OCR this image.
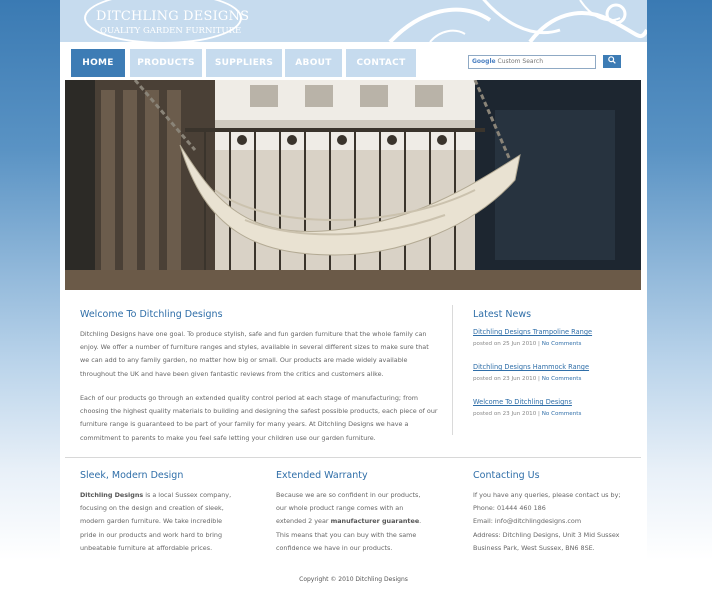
DITCHLING DESIGNS
QUALITY GARDEN FURNITURE
HOME	PRODUCTS	SUPPLIERS	ABOUT	CONTACT	Google Custom Search
Welcome To Ditchling Designs

Ditchling Designs have one goal. To produce stylish, safe and fun garden furniture that the whole family can enjoy. We offer a number of furniture ranges and styles, available in several different sizes to make sure that we can add to any family garden, no matter how big or small. Our products are made widely available throughout the UK and have been given fantastic reviews from the critics and customers alike.

Each of our products go through an extended quality control period at each stage of manufacturing; from choosing the highest quality materials to building and designing the safest possible products, each piece of our furniture range is guaranteed to be part of your family for many years. At Ditchling Designs we have a commitment to parents to make you feel safe letting your children use our garden furniture.

Latest News
Ditchling Designs Trampoline Range
posted on 25 Jun 2010 | No Comments
Ditchling Designs Hammock Range
posted on 23 Jun 2010 | No Comments
Welcome To Ditchling Designs
posted on 23 Jun 2010 | No Comments
Sleek, Modern Design

Ditchling Designs is a local Sussex company, focusing on the design and creation of sleek, modern garden furniture. We take incredible pride in our products and work hard to bring unbeatable furniture at affordable prices.

Extended Warranty

Because we are so confident in our products, our whole product range comes with an extended 2 year manufacturer guarantee. This means that you can buy with the same confidence we have in our products.

Contacting Us
If you have any queries, please contact us by;
Phone: 01444 460 186
Email: info@ditchlingdesigns.com
Address: Ditchling Designs, Unit 3 Mid Sussex
Business Park, West Sussex, BN6 8SE.
Copyright © 2010 Ditchling Designs
